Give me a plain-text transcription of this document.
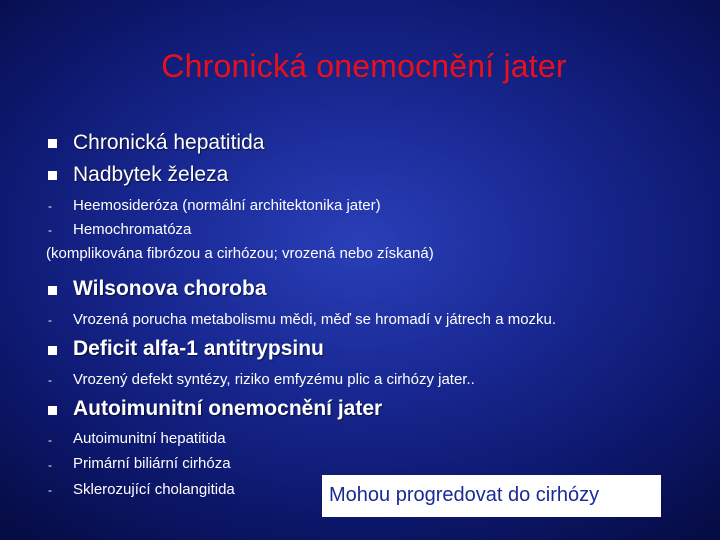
Chronická onemocnění jater
Chronická hepatitida
Nadbytek železa
- Heemosideróza (normální architektonika jater)
- Hemochromatóza
(komplikována fibrózou a cirhózou; vrozená nebo získaná)
Wilsonova choroba
- Vrozená porucha metabolismu mědi, měď se hromadí v játrech a mozku.
Deficit alfa-1 antitrypsinu
- Vrozený defekt syntézy, riziko emfyzému plic a cirhózy jater..
Autoimunitní onemocnění jater
- Autoimunitní hepatitida
- Primární biliární cirhóza
- Sklerozující cholangitida	Mohou progredovat do cirhózy
